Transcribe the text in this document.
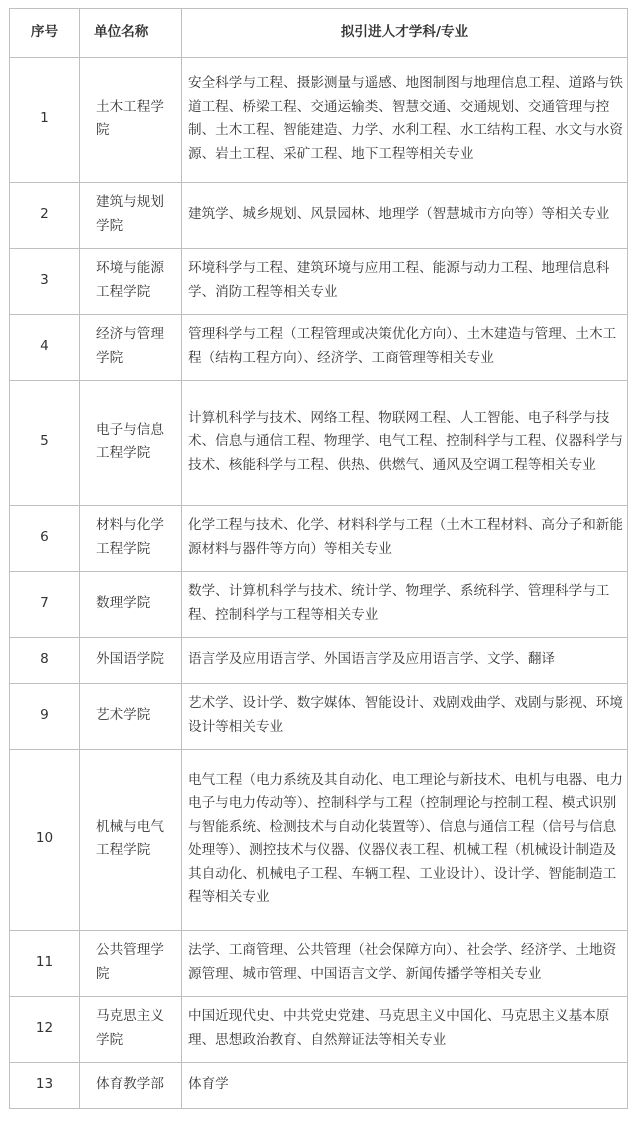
序号	单位名称	拟引进人才学科/专业
1	土木工程学院	安全科学与工程、摄影测量与遥感、地图制图与地理信息工程、道路与铁道工程、桥梁工程、交通运输类、智慧交通、交通规划、交通管理与控制、土木工程、智能建造、力学、水利工程、水工结构工程、水文与水资源、岩土工程、采矿工程、地下工程等相关专业
2	建筑与规划学院	建筑学、城乡规划、风景园林、地理学（智慧城市方向等）等相关专业
3	环境与能源工程学院	环境科学与工程、建筑环境与应用工程、能源与动力工程、地理信息科学、消防工程等相关专业
4	经济与管理学院	管理科学与工程（工程管理或决策优化方向）、土木建造与管理、土木工程（结构工程方向）、经济学、工商管理等相关专业
5	电子与信息工程学院	计算机科学与技术、网络工程、物联网工程、人工智能、电子科学与技术、信息与通信工程、物理学、电气工程、控制科学与工程、仪器科学与技术、核能科学与工程、供热、供燃气、通风及空调工程等相关专业
6	材料与化学工程学院	化学工程与技术、化学、材料科学与工程（土木工程材料、高分子和新能源材料与器件等方向）等相关专业
7	数理学院	数学、计算机科学与技术、统计学、物理学、系统科学、管理科学与工程、控制科学与工程等相关专业
8	外国语学院	语言学及应用语言学、外国语言学及应用语言学、文学、翻译
9	艺术学院	艺术学、设计学、数字媒体、智能设计、戏剧戏曲学、戏剧与影视、环境设计等相关专业
10	机械与电气工程学院	电气工程（电力系统及其自动化、电工理论与新技术、电机与电器、电力电子与电力传动等）、控制科学与工程（控制理论与控制工程、模式识别与智能系统、检测技术与自动化装置等）、信息与通信工程（信号与信息处理等）、测控技术与仪器、仪器仪表工程、机械工程（机械设计制造及其自动化、机械电子工程、车辆工程、工业设计）、设计学、智能制造工程等相关专业
11	公共管理学院	法学、工商管理、公共管理（社会保障方向）、社会学、经济学、土地资源管理、城市管理、中国语言文学、新闻传播学等相关专业
12	马克思主义学院	中国近现代史、中共党史党建、马克思主义中国化、马克思主义基本原理、思想政治教育、自然辩证法等相关专业
13	体育教学部	体育学
